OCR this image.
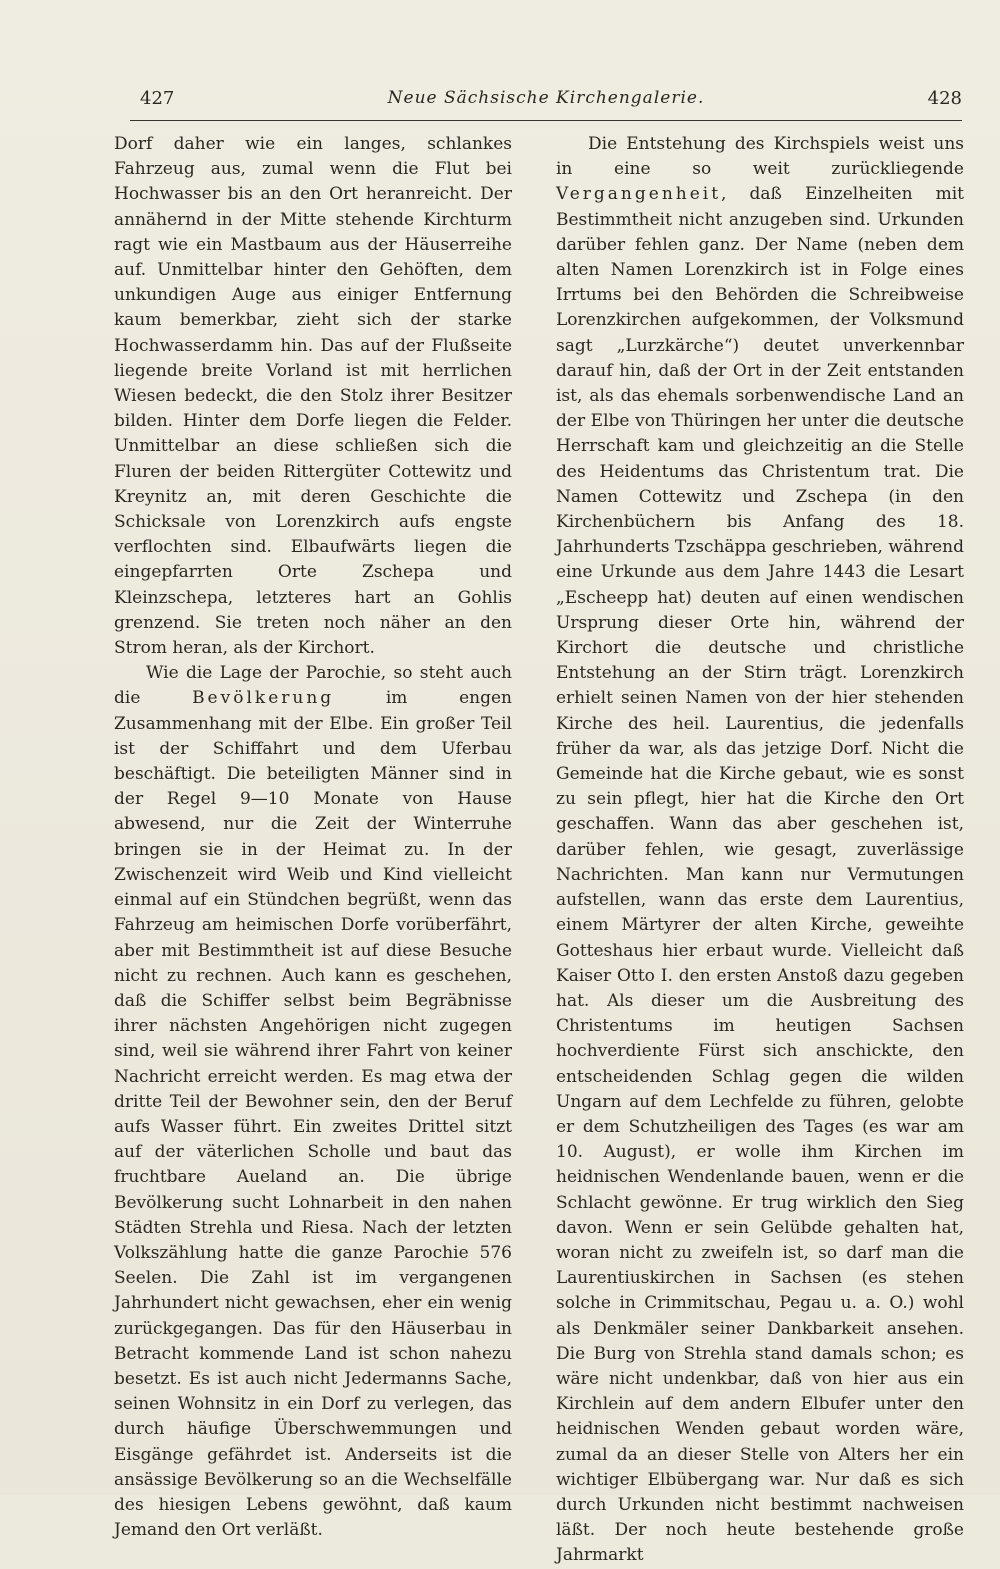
427	Neue Sächsische Kirchengalerie.	428

Dorf daher wie ein langes, schlankes Fahrzeug aus, zumal wenn die Flut bei Hochwasser bis an den Ort heranreicht. Der annähernd in der Mitte stehende Kirchturm ragt wie ein Mastbaum aus der Häuserreihe auf. Unmittelbar hinter den Gehöften, dem unkundigen Auge aus einiger Entfernung kaum bemerkbar, zieht sich der starke Hochwasserdamm hin. Das auf der Flußseite liegende breite Vorland ist mit herrlichen Wiesen bedeckt, die den Stolz ihrer Besitzer bilden. Hinter dem Dorfe liegen die Felder. Unmittelbar an diese schließen sich die Fluren der beiden Rittergüter Cottewitz und Kreynitz an, mit deren Geschichte die Schicksale von Lorenzkirch aufs engste verflochten sind. Elbaufwärts liegen die eingepfarrten Orte Zschepa und Kleinzschepa, letzteres hart an Gohlis grenzend. Sie treten noch näher an den Strom heran, als der Kirchort.

Wie die Lage der Parochie, so steht auch die Bevölkerung im engen Zusammenhang mit der Elbe. Ein großer Teil ist der Schiffahrt und dem Uferbau beschäftigt. Die beteiligten Männer sind in der Regel 9—10 Monate von Hause abwesend, nur die Zeit der Winterruhe bringen sie in der Heimat zu. In der Zwischenzeit wird Weib und Kind vielleicht einmal auf ein Stündchen begrüßt, wenn das Fahrzeug am heimischen Dorfe vorüberfährt, aber mit Bestimmtheit ist auf diese Besuche nicht zu rechnen. Auch kann es geschehen, daß die Schiffer selbst beim Begräbnisse ihrer nächsten Angehörigen nicht zugegen sind, weil sie während ihrer Fahrt von keiner Nachricht erreicht werden. Es mag etwa der dritte Teil der Bewohner sein, den der Beruf aufs Wasser führt. Ein zweites Drittel sitzt auf der väterlichen Scholle und baut das fruchtbare Aueland an. Die übrige Bevölkerung sucht Lohnarbeit in den nahen Städten Strehla und Riesa. Nach der letzten Volkszählung hatte die ganze Parochie 576 Seelen. Die Zahl ist im vergangenen Jahrhundert nicht gewachsen, eher ein wenig zurückgegangen. Das für den Häuserbau in Betracht kommende Land ist schon nahezu besetzt. Es ist auch nicht Jedermanns Sache, seinen Wohnsitz in ein Dorf zu verlegen, das durch häufige Überschwemmungen und Eisgänge gefährdet ist. Anderseits ist die ansässige Bevölkerung so an die Wechselfälle des hiesigen Lebens gewöhnt, daß kaum Jemand den Ort verläßt.

Die Entstehung des Kirchspiels weist uns in eine so weit zurückliegende Vergangenheit, daß Einzelheiten mit Bestimmtheit nicht anzugeben sind. Urkunden darüber fehlen ganz. Der Name (neben dem alten Namen Lorenzkirch ist in Folge eines Irrtums bei den Behörden die Schreibweise Lorenzkirchen aufgekommen, der Volksmund sagt „Lurzkärche“) deutet unverkennbar darauf hin, daß der Ort in der Zeit entstanden ist, als das ehemals sorbenwendische Land an der Elbe von Thüringen her unter die deutsche Herrschaft kam und gleichzeitig an die Stelle des Heidentums das Christentum trat. Die Namen Cottewitz und Zschepa (in den Kirchenbüchern bis Anfang des 18. Jahrhunderts Tzschäppa geschrieben, während eine Urkunde aus dem Jahre 1443 die Lesart „Escheepp hat) deuten auf einen wendischen Ursprung dieser Orte hin, während der Kirchort die deutsche und christliche Entstehung an der Stirn trägt. Lorenzkirch erhielt seinen Namen von der hier stehenden Kirche des heil. Laurentius, die jedenfalls früher da war, als das jetzige Dorf. Nicht die Gemeinde hat die Kirche gebaut, wie es sonst zu sein pflegt, hier hat die Kirche den Ort geschaffen. Wann das aber geschehen ist, darüber fehlen, wie gesagt, zuverlässige Nachrichten. Man kann nur Vermutungen aufstellen, wann das erste dem Laurentius, einem Märtyrer der alten Kirche, geweihte Gotteshaus hier erbaut wurde. Vielleicht daß Kaiser Otto I. den ersten Anstoß dazu gegeben hat. Als dieser um die Ausbreitung des Christentums im heutigen Sachsen hochverdiente Fürst sich anschickte, den entscheidenden Schlag gegen die wilden Ungarn auf dem Lechfelde zu führen, gelobte er dem Schutzheiligen des Tages (es war am 10. August), er wolle ihm Kirchen im heidnischen Wendenlande bauen, wenn er die Schlacht gewönne. Er trug wirklich den Sieg davon. Wenn er sein Gelübde gehalten hat, woran nicht zu zweifeln ist, so darf man die Laurentiuskirchen in Sachsen (es stehen solche in Crimmitschau, Pegau u. a. O.) wohl als Denkmäler seiner Dankbarkeit ansehen. Die Burg von Strehla stand damals schon; es wäre nicht undenkbar, daß von hier aus ein Kirchlein auf dem andern Elbufer unter den heidnischen Wenden gebaut worden wäre, zumal da an dieser Stelle von Alters her ein wichtiger Elbübergang war. Nur daß es sich durch Urkunden nicht bestimmt nachweisen läßt. Der noch heute bestehende große Jahrmarkt
